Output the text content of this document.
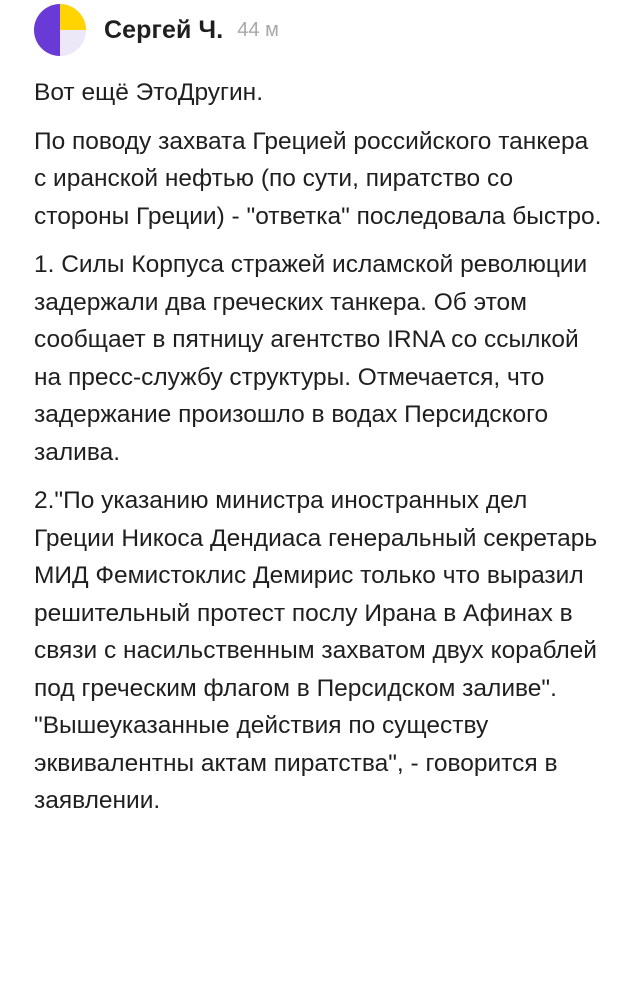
Сергей Ч. 44 м

Вот ещё ЭтоДругин.

По поводу захвата Грецией российского танкера с иранской нефтью (по сути, пиратство со стороны Греции) - "ответка" последовала быстро.

1. Силы Корпуса стражей исламской революции задержали два греческих танкера. Об этом сообщает в пятницу агентство IRNA со ссылкой на пресс-службу структуры. Отмечается, что задержание произошло в водах Персидского залива.

2."По указанию министра иностранных дел Греции Никоса Дендиаса генеральный секретарь МИД Фемистоклис Демирис только что выразил решительный протест послу Ирана в Афинах в связи с насильственным захватом двух кораблей под греческим флагом в Персидском заливе". "Вышеуказанные действия по существу эквивалентны актам пиратства", - говорится в заявлении.
